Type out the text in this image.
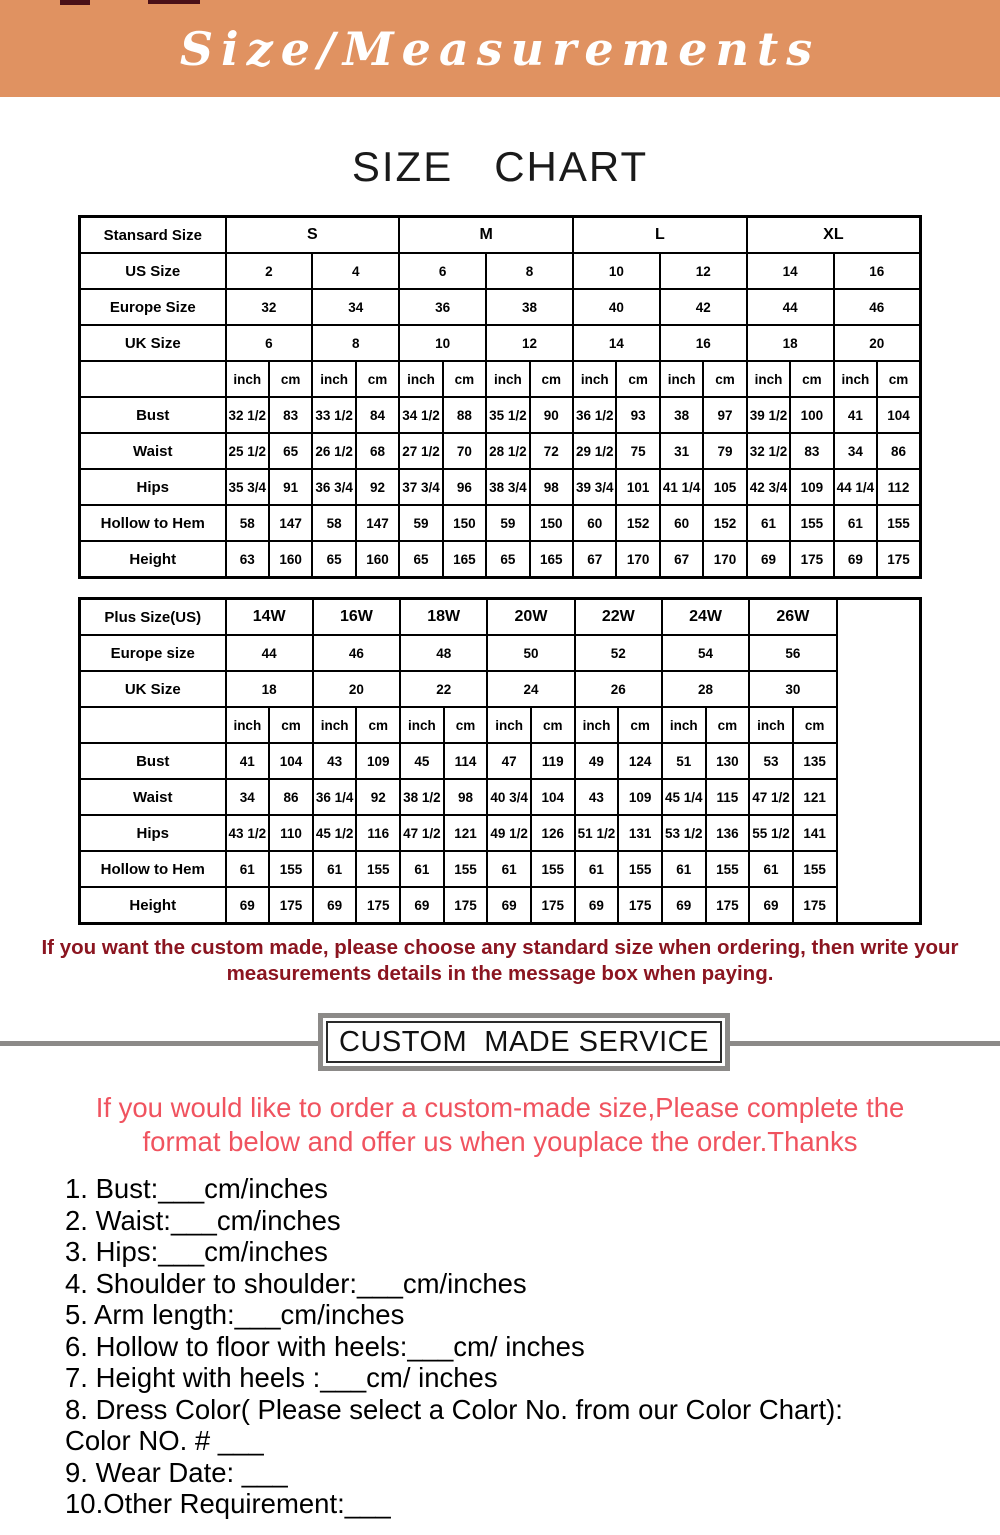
Size/Measurements
SIZE   CHART
Stansard Size	S				M				L				XL			
US Size	2		4		6		8		10		12		14		16	
Europe Size	32		34		36		38		40		42		44		46	
UK Size	6		8		10		12		14		16		18		20	
	inch	cm	inch	cm	inch	cm	inch	cm	inch	cm	inch	cm	inch	cm	inch	cm
Bust	32 1/2	83	33 1/2	84	34 1/2	88	35 1/2	90	36 1/2	93	38	97	39 1/2	100	41	104
Waist	25 1/2	65	26 1/2	68	27 1/2	70	28 1/2	72	29 1/2	75	31	79	32 1/2	83	34	86
Hips	35 3/4	91	36 3/4	92	37 3/4	96	38 3/4	98	39 3/4	101	41 1/4	105	42 3/4	109	44 1/4	112
Hollow to Hem	58	147	58	147	59	150	59	150	60	152	60	152	61	155	61	155
Height	63	160	65	160	65	165	65	165	67	170	67	170	69	175	69	175
Plus Size(US)	14W		16W		18W		20W		22W		24W		26W		
Europe size	44		46		48		50		52		54		56		
UK Size	18		20		22		24		26		28		30		
	inch	cm	inch	cm	inch	cm	inch	cm	inch	cm	inch	cm	inch	cm	
Bust	41	104	43	109	45	114	47	119	49	124	51	130	53	135	
Waist	34	86	36 1/4	92	38 1/2	98	40 3/4	104	43	109	45 1/4	115	47 1/2	121	
Hips	43 1/2	110	45 1/2	116	47 1/2	121	49 1/2	126	51 1/2	131	53 1/2	136	55 1/2	141	
Hollow to Hem	61	155	61	155	61	155	61	155	61	155	61	155	61	155	
Height	69	175	69	175	69	175	69	175	69	175	69	175	69	175	
If you want the custom made, please choose any standard size when ordering, then write your
measurements details in the message box when paying.
CUSTOM  MADE SERVICE
If you would like to order a custom-made size,Please complete the
format below and offer us when youplace the order.Thanks
1. Bust:___cm/inches
2. Waist:___cm/inches
3. Hips:___cm/inches
4. Shoulder to shoulder:___cm/inches
5. Arm length:___cm/inches
6. Hollow to floor with heels:___cm/ inches
7. Height with heels :___cm/ inches
8. Dress Color( Please select a Color No. from our Color Chart):
Color NO. # ___
9. Wear Date: ___
10.Other Requirement:___
